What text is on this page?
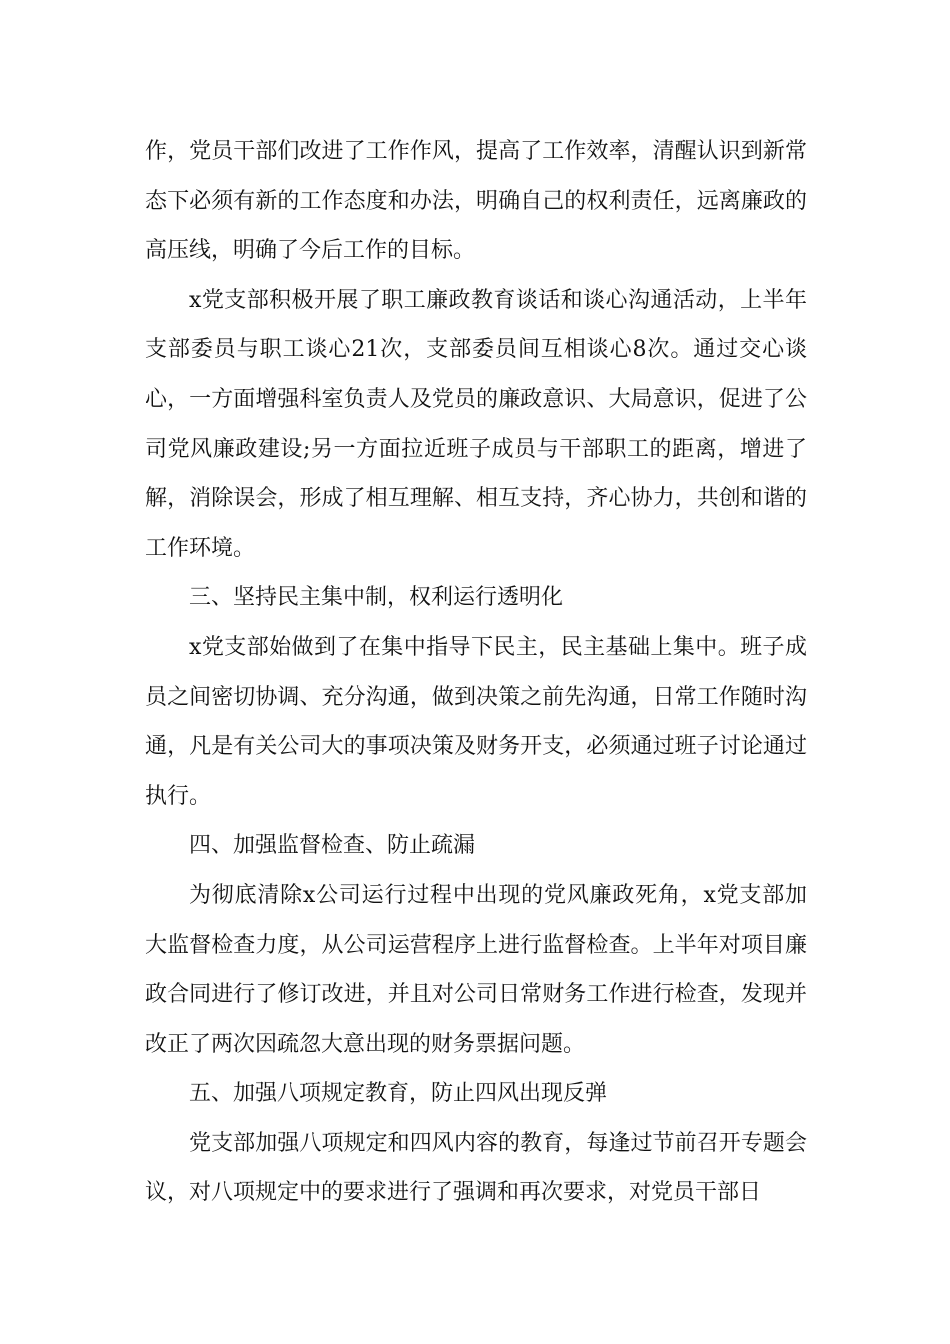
作，党员干部们改进了工作作风，提高了工作效率，清醒认识到新常态下必须有新的工作态度和办法，明确自己的权利责任，远离廉政的高压线，明确了今后工作的目标。

x党支部积极开展了职工廉政教育谈话和谈心沟通活动，上半年支部委员与职工谈心21次，支部委员间互相谈心8次。通过交心谈心，一方面增强科室负责人及党员的廉政意识、大局意识，促进了公司党风廉政建设;另一方面拉近班子成员与干部职工的距离，增进了解，消除误会，形成了相互理解、相互支持，齐心协力，共创和谐的工作环境。

三、坚持民主集中制，权利运行透明化

x党支部始做到了在集中指导下民主，民主基础上集中。班子成员之间密切协调、充分沟通，做到决策之前先沟通，日常工作随时沟通，凡是有关公司大的事项决策及财务开支，必须通过班子讨论通过执行。

四、加强监督检查、防止疏漏

为彻底清除x公司运行过程中出现的党风廉政死角，x党支部加大监督检查力度，从公司运营程序上进行监督检查。上半年对项目廉政合同进行了修订改进，并且对公司日常财务工作进行检查，发现并改正了两次因疏忽大意出现的财务票据问题。

五、加强八项规定教育，防止四风出现反弹

党支部加强八项规定和四风内容的教育，每逢过节前召开专题会议，对八项规定中的要求进行了强调和再次要求，对党员干部日
